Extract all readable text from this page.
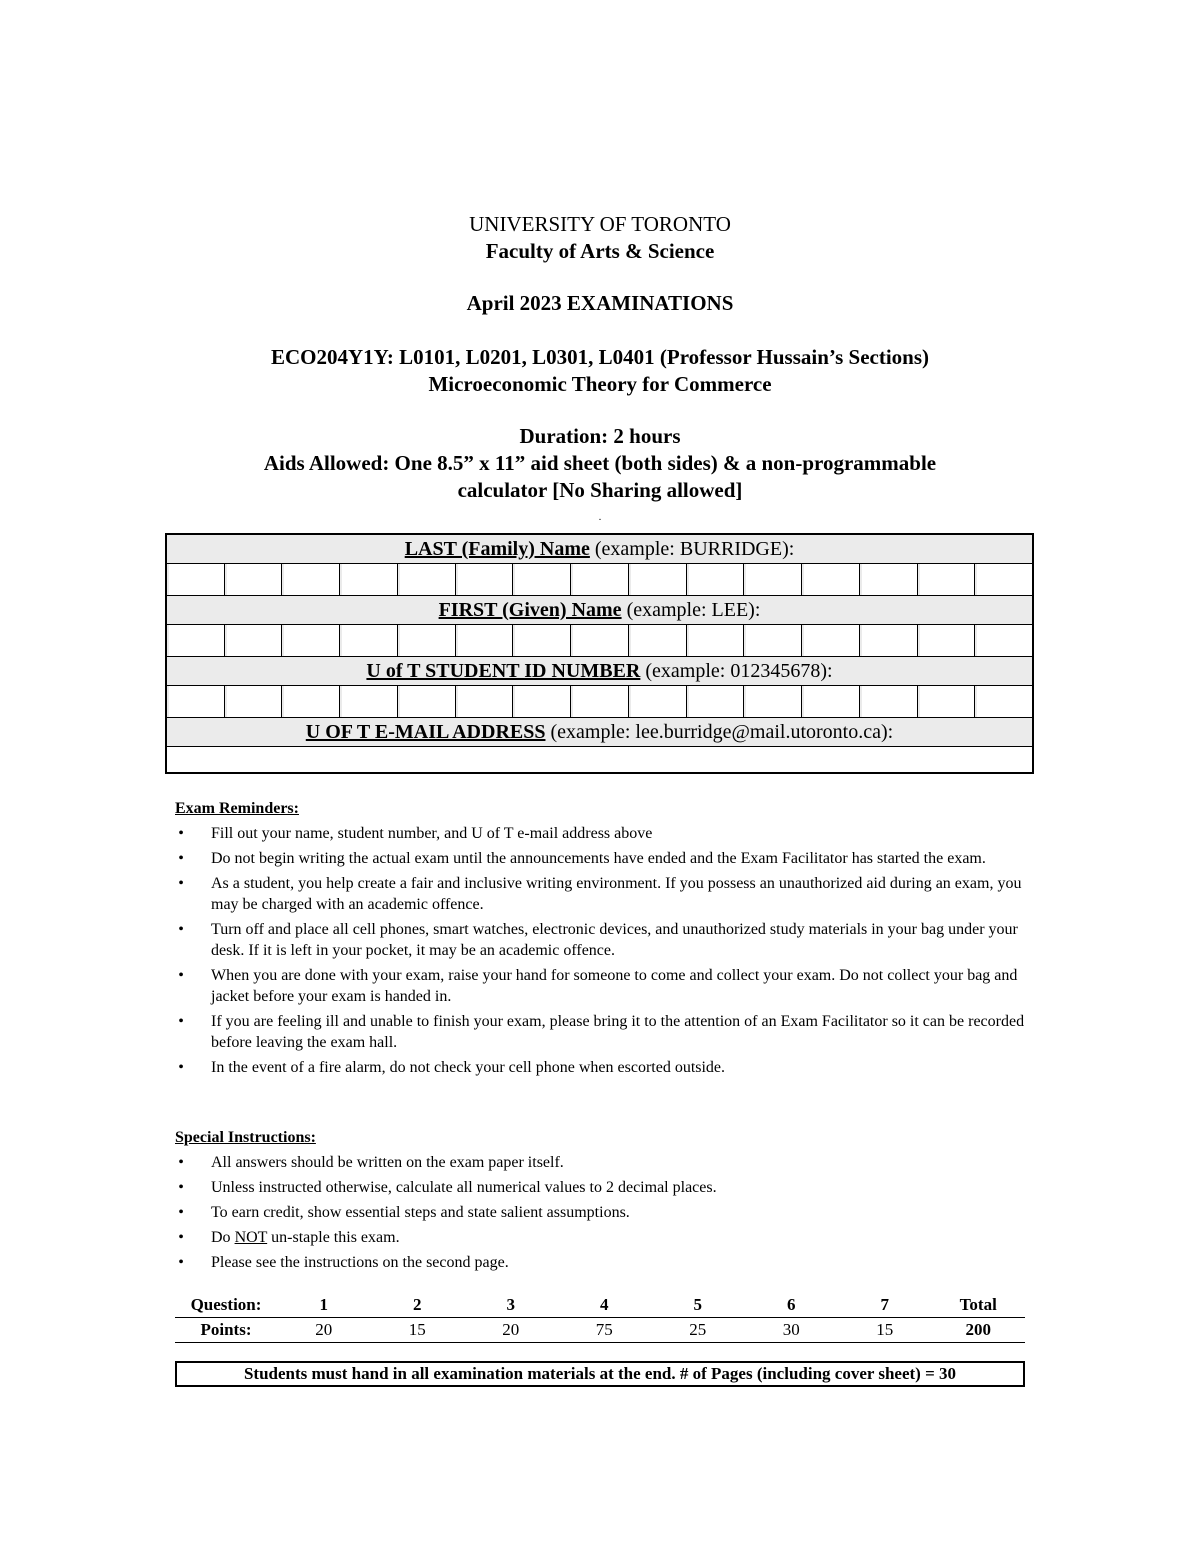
UNIVERSITY OF TORONTO
Faculty of Arts & Science
April 2023 EXAMINATIONS
ECO204Y1Y: L0101, L0201, L0301, L0401 (Professor Hussain’s Sections)
Microeconomic Theory for Commerce
Duration: 2 hours
Aids Allowed: One 8.5” x 11” aid sheet (both sides) & a non-programmable
calculator [No Sharing allowed]
.
LAST (Family) Name (example: BURRIDGE):
FIRST (Given) Name (example: LEE):
U of T STUDENT ID NUMBER (example: 012345678):
U OF T E-MAIL ADDRESS (example: lee.burridge@mail.utoronto.ca):
Exam Reminders:
• Fill out your name, student number, and U of T e-mail address above
• Do not begin writing the actual exam until the announcements have ended and the Exam Facilitator has started the exam.
• As a student, you help create a fair and inclusive writing environment. If you possess an unauthorized aid during an exam, you may be charged with an academic offence.
• Turn off and place all cell phones, smart watches, electronic devices, and unauthorized study materials in your bag under your desk. If it is left in your pocket, it may be an academic offence.
• When you are done with your exam, raise your hand for someone to come and collect your exam. Do not collect your bag and jacket before your exam is handed in.
• If you are feeling ill and unable to finish your exam, please bring it to the attention of an Exam Facilitator so it can be recorded before leaving the exam hall.
• In the event of a fire alarm, do not check your cell phone when escorted outside.
Special Instructions:
• All answers should be written on the exam paper itself.
• Unless instructed otherwise, calculate all numerical values to 2 decimal places.
• To earn credit, show essential steps and state salient assumptions.
• Do NOT un-staple this exam.
• Please see the instructions on the second page.
Question:	1	2	3	4	5	6	7	Total
Points:	20	15	20	75	25	30	15	200
Students must hand in all examination materials at the end. # of Pages (including cover sheet) = 30
